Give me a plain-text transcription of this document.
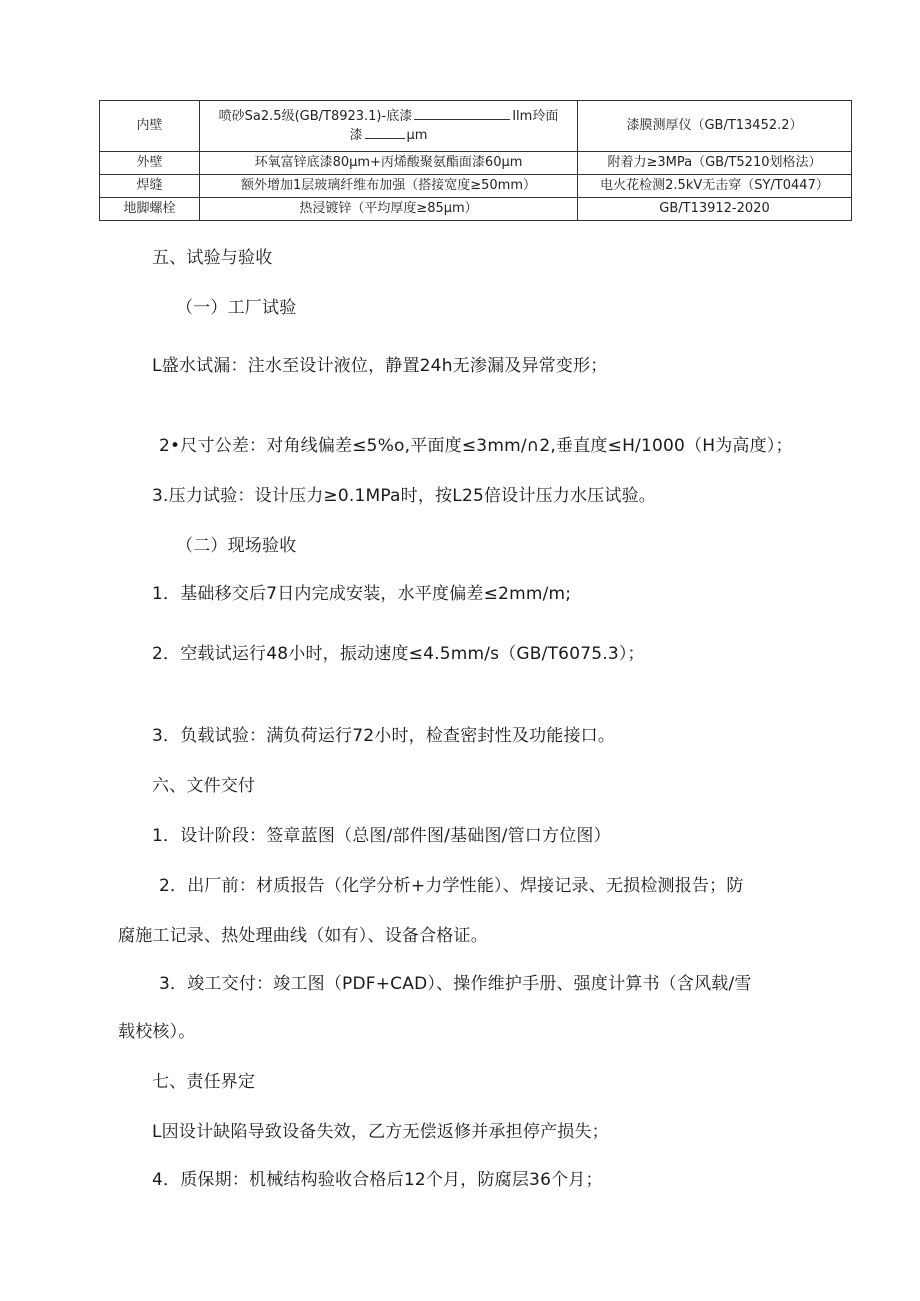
内壁	喷砂Sa2.5级(GB/T8923.1)-底漆 Ilm玲面
漆 μm	漆膜测厚仪（GB/T13452.2）
外壁	环氧富锌底漆80μm+丙烯酸聚氨酯面漆60μm	附着力≥3MPa（GB/T5210划格法）
焊缝	额外增加1层玻璃纤维布加强（搭接宽度≥50mm）	电火花检测2.5kV无击穿（SY/T0447）
地脚螺栓	热浸镀锌（平均厚度≥85μm）	GB/T13912-2020
五、试验与验收
（一）工厂试验
L盛水试漏：注水至设计液位，静置24h无渗漏及异常变形；
2•尺寸公差：对角线偏差≤5%o,平面度≤3mm∕∩2,垂直度≤H∕1000（H为高度）；
3.压力试验：设计压力≥0.1MPa时，按L25倍设计压力水压试验。
（二）现场验收
1．基础移交后7日内完成安装，水平度偏差≤2mm∕m;
2．空载试运行48小时，振动速度≤4.5mm∕s（GB/T6075.3）；
3．负载试验：满负荷运行72小时，检查密封性及功能接口。
六、文件交付
1．设计阶段：签章蓝图（总图/部件图/基础图/管口方位图）
2．出厂前：材质报告（化学分析+力学性能）、焊接记录、无损检测报告；防
腐施工记录、热处理曲线（如有）、设备合格证。
3．竣工交付：竣工图（PDF+CAD）、操作维护手册、强度计算书（含风载/雪
载校核）。
七、责任界定
L因设计缺陷导致设备失效，乙方无偿返修并承担停产损失；
4．质保期：机械结构验收合格后12个月，防腐层36个月；
